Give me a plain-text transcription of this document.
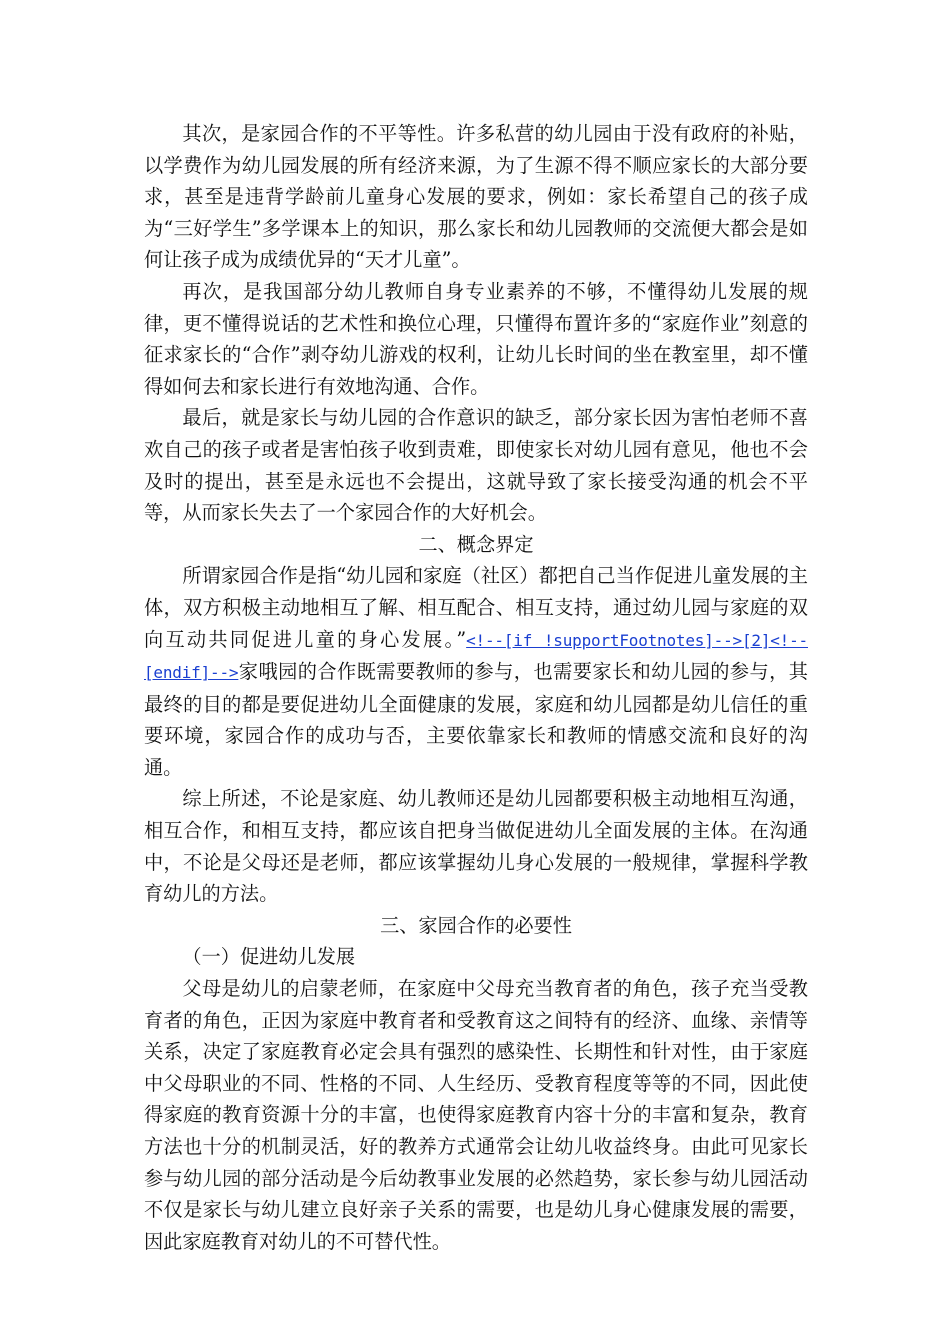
其次，是家园合作的不平等性。许多私营的幼儿园由于没有政府的补贴，以学费作为幼儿园发展的所有经济来源，为了生源不得不顺应家长的大部分要求，甚至是违背学龄前儿童身心发展的要求，例如：家长希望自己的孩子成为“三好学生”多学课本上的知识，那么家长和幼儿园教师的交流便大都会是如何让孩子成为成绩优异的“天才儿童”。

再次，是我国部分幼儿教师自身专业素养的不够，不懂得幼儿发展的规律，更不懂得说话的艺术性和换位心理，只懂得布置许多的“家庭作业”刻意的征求家长的“合作”剥夺幼儿游戏的权利，让幼儿长时间的坐在教室里，却不懂得如何去和家长进行有效地沟通、合作。

最后，就是家长与幼儿园的合作意识的缺乏，部分家长因为害怕老师不喜欢自己的孩子或者是害怕孩子收到责难，即使家长对幼儿园有意见，他也不会及时的提出，甚至是永远也不会提出，这就导致了家长接受沟通的机会不平等，从而家长失去了一个家园合作的大好机会。

二、概念界定

所谓家园合作是指“幼儿园和家庭（社区）都把自己当作促进儿童发展的主体，双方积极主动地相互了解、相互配合、相互支持，通过幼儿园与家庭的双向互动共同促进儿童的身心发展。”<!--[if !supportFootnotes]-->[2]<!--[endif]-->家哦园的合作既需要教师的参与，也需要家长和幼儿园的参与，其最终的目的都是要促进幼儿全面健康的发展，家庭和幼儿园都是幼儿信任的重要环境，家园合作的成功与否，主要依靠家长和教师的情感交流和良好的沟通。

综上所述，不论是家庭、幼儿教师还是幼儿园都要积极主动地相互沟通，相互合作，和相互支持，都应该自把身当做促进幼儿全面发展的主体。在沟通中，不论是父母还是老师，都应该掌握幼儿身心发展的一般规律，掌握科学教育幼儿的方法。

三、家园合作的必要性

（一）促进幼儿发展

父母是幼儿的启蒙老师，在家庭中父母充当教育者的角色，孩子充当受教育者的角色，正因为家庭中教育者和受教育这之间特有的经济、血缘、亲情等关系，决定了家庭教育必定会具有强烈的感染性、长期性和针对性，由于家庭中父母职业的不同、性格的不同、人生经历、受教育程度等等的不同，因此使得家庭的教育资源十分的丰富，也使得家庭教育内容十分的丰富和复杂，教育方法也十分的机制灵活，好的教养方式通常会让幼儿收益终身。由此可见家长参与幼儿园的部分活动是今后幼教事业发展的必然趋势，家长参与幼儿园活动不仅是家长与幼儿建立良好亲子关系的需要，也是幼儿身心健康发展的需要，因此家庭教育对幼儿的不可替代性。
